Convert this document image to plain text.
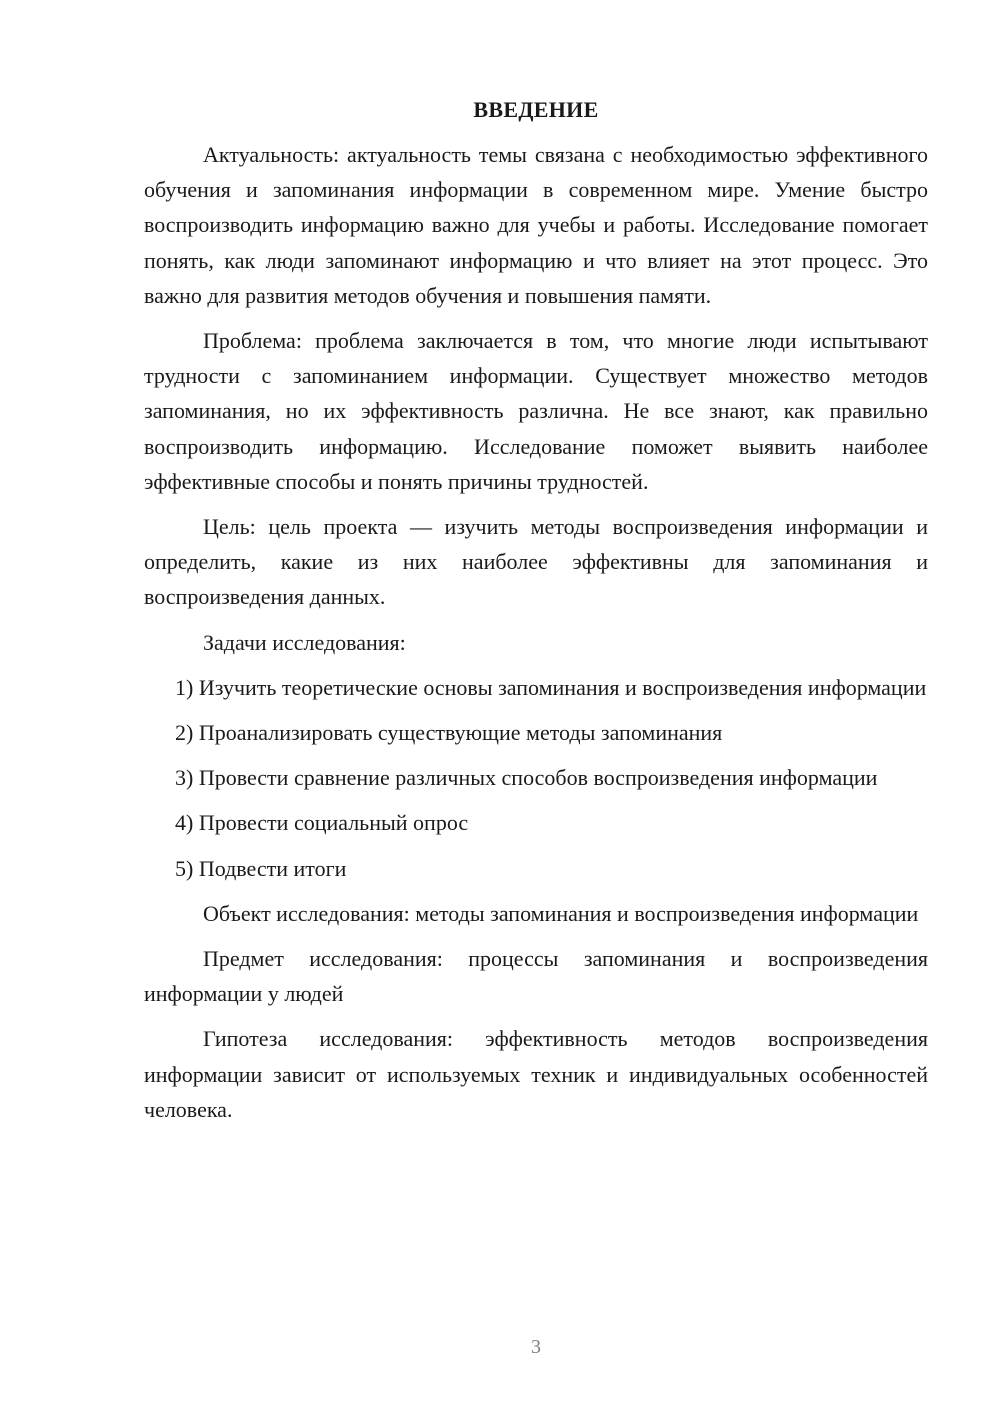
ВВЕДЕНИЕ

Актуальность: актуальность темы связана с необходимостью эффективного обучения и запоминания информации в современном мире. Умение быстро воспроизводить информацию важно для учебы и работы. Исследование помогает понять, как люди запоминают информацию и что влияет на этот процесс. Это важно для развития методов обучения и повышения памяти.

Проблема: проблема заключается в том, что многие люди испытывают трудности с запоминанием информации. Существует множество методов запоминания, но их эффективность различна. Не все знают, как правильно воспроизводить информацию. Исследование поможет выявить наиболее эффективные способы и понять причины трудностей.

Цель: цель проекта — изучить методы воспроизведения информации и определить, какие из них наиболее эффективны для запоминания и воспроизведения данных.

Задачи исследования:

1) Изучить теоретические основы запоминания и воспроизведения информации

2) Проанализировать существующие методы запоминания

3) Провести сравнение различных способов воспроизведения информации

4) Провести социальный опрос

5) Подвести итоги

Объект исследования: методы запоминания и воспроизведения информации

Предмет исследования: процессы запоминания и воспроизведения информации у людей

Гипотеза исследования: эффективность методов воспроизведения информации зависит от используемых техник и индивидуальных особенностей человека.

3
